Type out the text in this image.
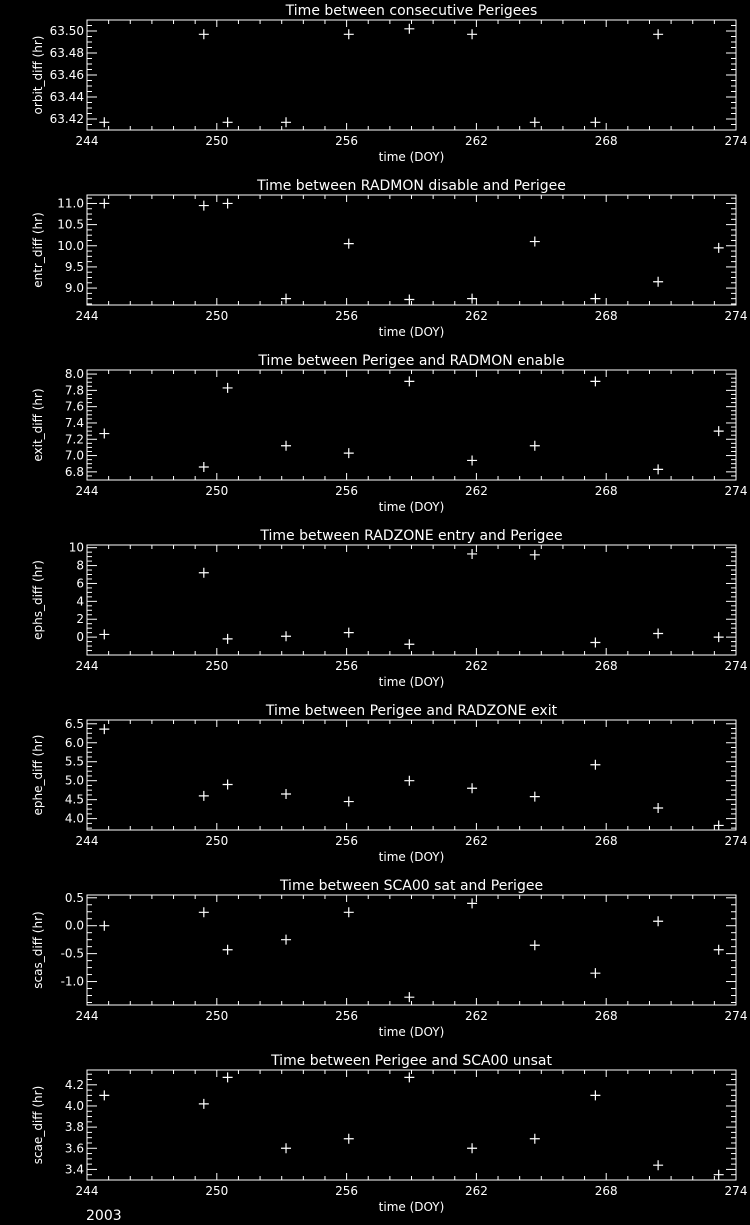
Time between consecutive Perigees
244	250	256	262	268	274
time (DOY)
63.42
63.44
63.46
63.48
63.50
orbit_diff (hr)
Time between RADMON disable and Perigee
244	250	256	262	268	274
time (DOY)
9.0
9.5
10.0
10.5
11.0
entr_diff (hr)
Time between Perigee and RADMON enable
244	250	256	262	268	274
time (DOY)
6.8
7.0
7.2
7.4
7.6
7.8
8.0
exit_diff (hr)
Time between RADZONE entry and Perigee
244	250	256	262	268	274
time (DOY)
0
2
4
6
8
10
ephs_diff (hr)
Time between Perigee and RADZONE exit
244	250	256	262	268	274
time (DOY)
4.0
4.5
5.0
5.5
6.0
6.5
ephe_diff (hr)
Time between SCA00 sat and Perigee
244	250	256	262	268	274
time (DOY)
-1.0
-0.5
0.0
0.5
scas_diff (hr)
Time between Perigee and SCA00 unsat
244	250	256	262	268	274
time (DOY)
3.4
3.6
3.8
4.0
4.2
scae_diff (hr)
2003
